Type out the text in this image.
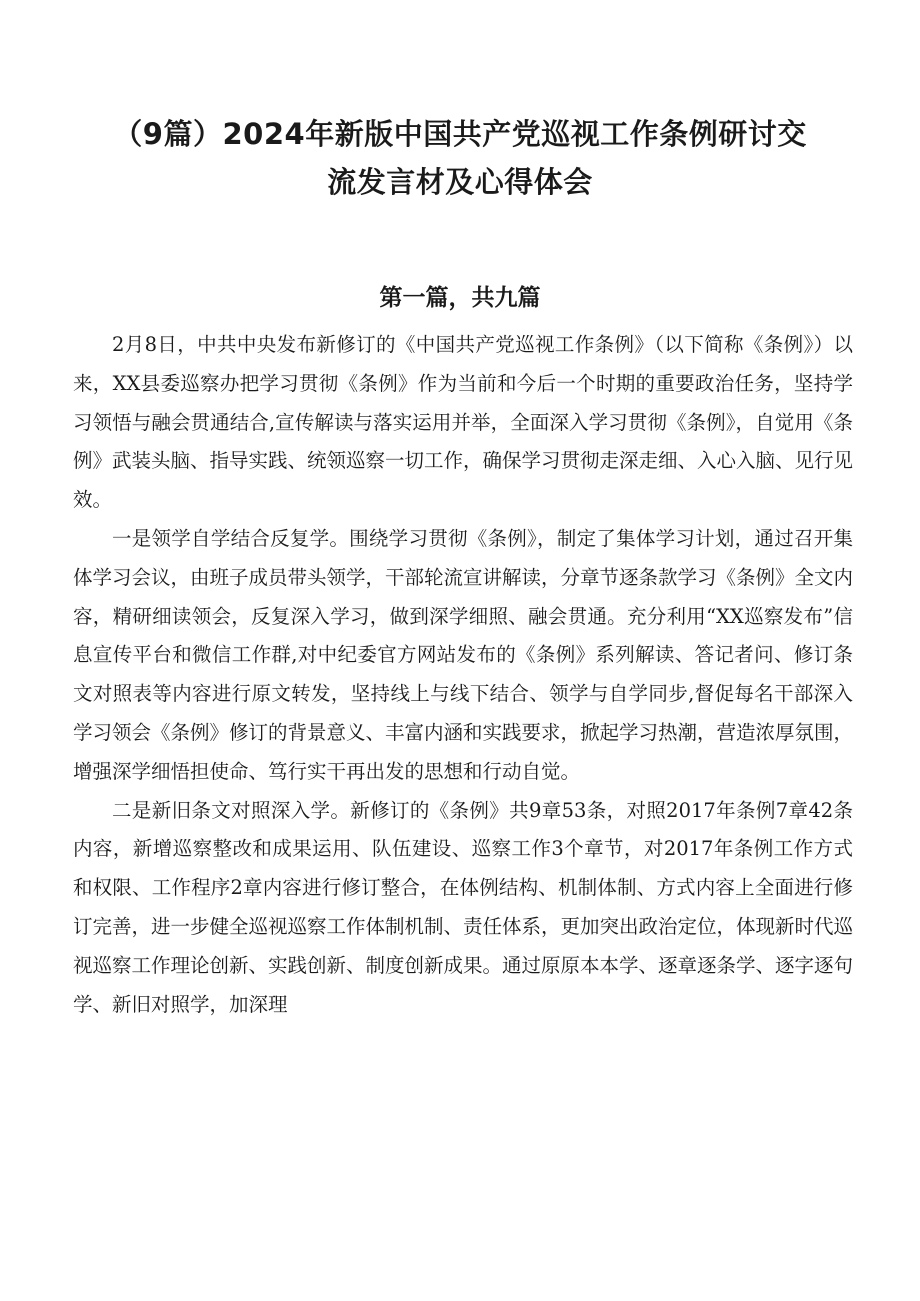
（9篇）2024年新版中国共产党巡视工作条例研讨交
流发言材及心得体会
第一篇，共九篇

2月8日，中共中央发布新修订的《中国共产党巡视工作条例》（以下简称《条例》）以来，XX县委巡察办把学习贯彻《条例》作为当前和今后一个时期的重要政治任务，坚持学习领悟与融会贯通结合,宣传解读与落实运用并举，全面深入学习贯彻《条例》，自觉用《条例》武装头脑、指导实践、统领巡察一切工作，确保学习贯彻走深走细、入心入脑、见行见效。

一是领学自学结合反复学。围绕学习贯彻《条例》，制定了集体学习计划，通过召开集体学习会议，由班子成员带头领学，干部轮流宣讲解读，分章节逐条款学习《条例》全文内容，精研细读领会，反复深入学习，做到深学细照、融会贯通。充分利用“XX巡察发布”信息宣传平台和微信工作群,对中纪委官方网站发布的《条例》系列解读、答记者问、修订条文对照表等内容进行原文转发，坚持线上与线下结合、领学与自学同步,督促每名干部深入学习领会《条例》修订的背景意义、丰富内涵和实践要求，掀起学习热潮，营造浓厚氛围，增强深学细悟担使命、笃行实干再出发的思想和行动自觉。

二是新旧条文对照深入学。新修订的《条例》共9章53条，对照2017年条例7章42条内容，新增巡察整改和成果运用、队伍建设、巡察工作3个章节，对2017年条例工作方式和权限、工作程序2章内容进行修订整合，在体例结构、机制体制、方式内容上全面进行修订完善，进一步健全巡视巡察工作体制机制、责任体系，更加突出政治定位，体现新时代巡视巡察工作理论创新、实践创新、制度创新成果。通过原原本本学、逐章逐条学、逐字逐句学、新旧对照学，加深理
